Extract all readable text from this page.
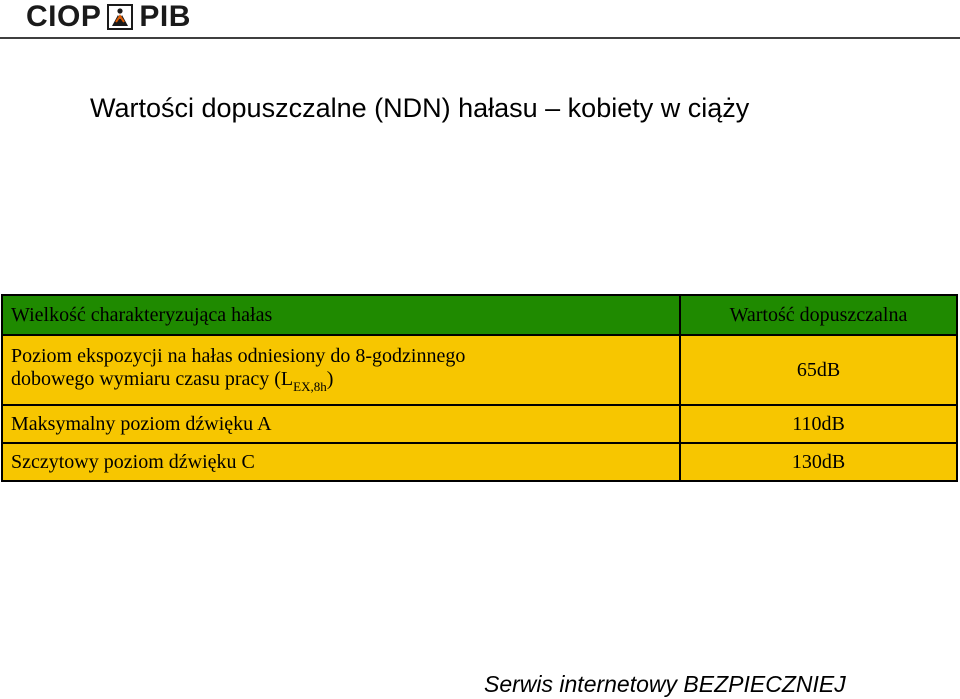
CIOP PIB
Wartości dopuszczalne (NDN) hałasu – kobiety w ciąży
Wielkość charakteryzująca hałas	Wartość dopuszczalna
Poziom ekspozycji na hałas odniesiony do 8-godzinnego
dobowego wymiaru czasu pracy $(L_{EX,8h})$	65dB
Maksymalny poziom dźwięku A	110dB
Szczytowy poziom dźwięku C	130dB
Serwis internetowy BEZPIECZNIEJ
